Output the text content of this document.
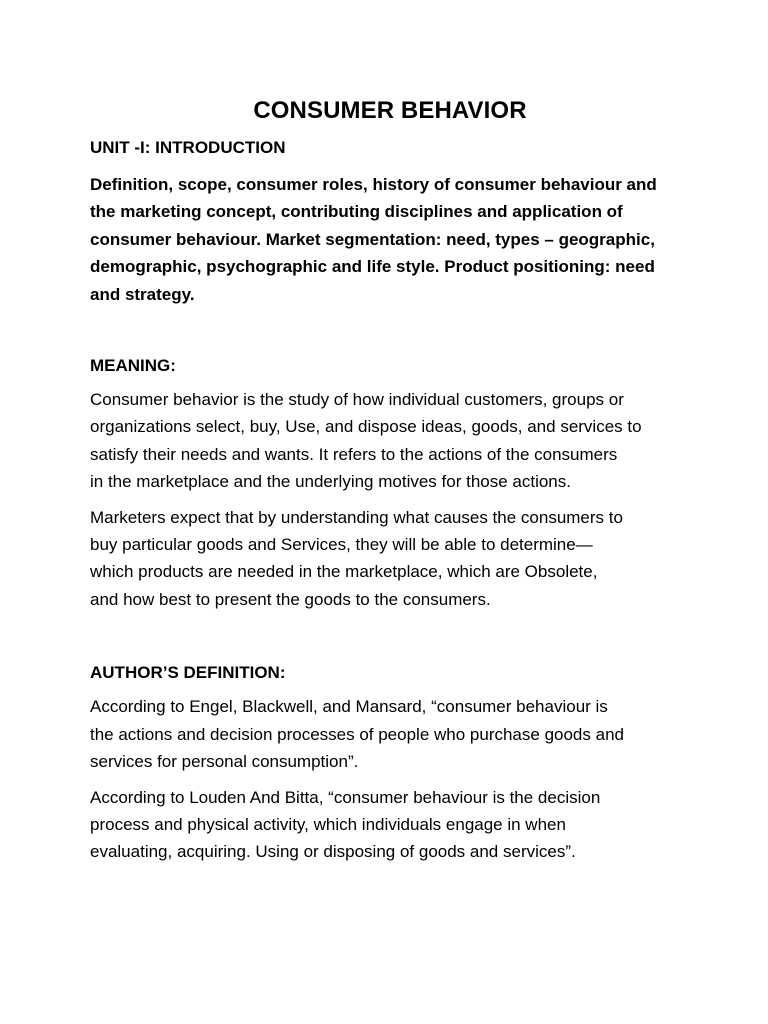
CONSUMER BEHAVIOR
UNIT -I: INTRODUCTION
Definition, scope, consumer roles, history of consumer behaviour and
the marketing concept, contributing disciplines and application of
consumer behaviour. Market segmentation: need, types – geographic,
demographic, psychographic and life style. Product positioning: need
and strategy.
MEANING:
Consumer behavior is the study of how individual customers, groups or
organizations select, buy, Use, and dispose ideas, goods, and services to
satisfy their needs and wants. It refers to the actions of the consumers
in the marketplace and the underlying motives for those actions.
Marketers expect that by understanding what causes the consumers to
buy particular goods and Services, they will be able to determine—
which products are needed in the marketplace, which are Obsolete,
and how best to present the goods to the consumers.
AUTHOR’S DEFINITION:
According to Engel, Blackwell, and Mansard, “consumer behaviour is
the actions and decision processes of people who purchase goods and
services for personal consumption”.
According to Louden And Bitta, “consumer behaviour is the decision
process and physical activity, which individuals engage in when
evaluating, acquiring. Using or disposing of goods and services”.
